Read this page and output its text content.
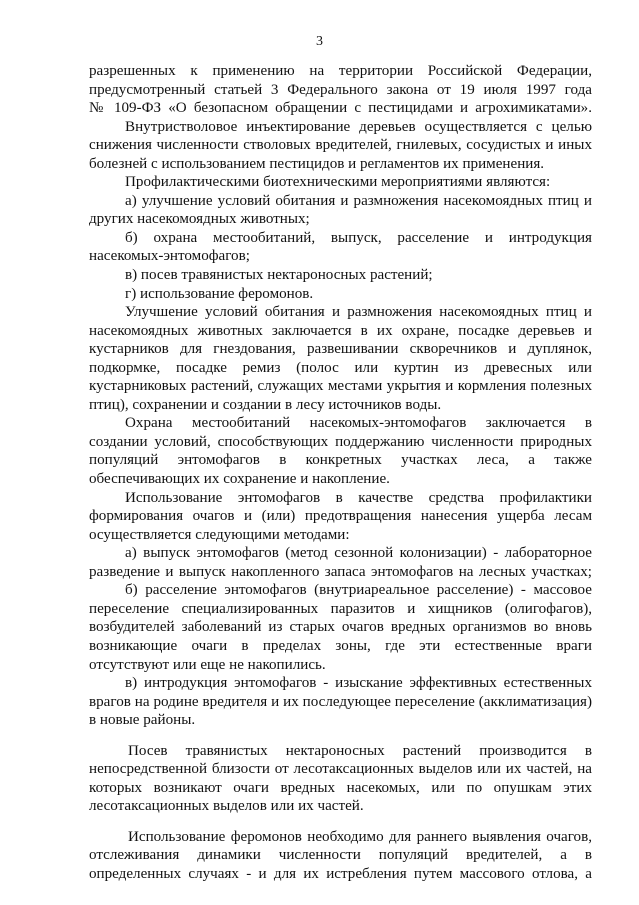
3
разрешенных к применению на территории Российской Федерации,
предусмотренный статьей 3 Федерального закона от 19 июля 1997 года
№ 109-ФЗ «О безопасном обращении с пестицидами и агрохимикатами».
Внутристволовое инъектирование деревьев осуществляется с целью
снижения численности стволовых вредителей, гнилевых, сосудистых и иных
болезней с использованием пестицидов и регламентов их применения.
Профилактическими биотехническими мероприятиями являются:
а) улучшение условий обитания и размножения насекомоядных птиц и
других насекомоядных животных;
б) охрана местообитаний, выпуск, расселение и интродукция
насекомых-энтомофагов;
в) посев травянистых нектароносных растений;
г) использование феромонов.
Улучшение условий обитания и размножения насекомоядных птиц и
насекомоядных животных заключается в их охране, посадке деревьев и
кустарников для гнездования, развешивании скворечников и дуплянок,
подкормке, посадке ремиз (полос или куртин из древесных или
кустарниковых растений, служащих местами укрытия и кормления полезных
птиц), сохранении и создании в лесу источников воды.
Охрана местообитаний насекомых-энтомофагов заключается в
создании условий, способствующих поддержанию численности природных
популяций энтомофагов в конкретных участках леса, а также
обеспечивающих их сохранение и накопление.
Использование энтомофагов в качестве средства профилактики
формирования очагов и (или) предотвращения нанесения ущерба лесам
осуществляется следующими методами:
а) выпуск энтомофагов (метод сезонной колонизации) - лабораторное
разведение и выпуск накопленного запаса энтомофагов на лесных участках;
б) расселение энтомофагов (внутриареальное расселение) - массовое
переселение специализированных паразитов и хищников (олигофагов),
возбудителей заболеваний из старых очагов вредных организмов во вновь
возникающие очаги в пределах зоны, где эти естественные враги
отсутствуют или еще не накопились.
в) интродукция энтомофагов - изыскание эффективных естественных
врагов на родине вредителя и их последующее переселение (акклиматизация)
в новые районы.
Посев травянистых нектароносных растений производится в
непосредственной близости от лесотаксационных выделов или их частей, на
которых возникают очаги вредных насекомых, или по опушкам этих
лесотаксационных выделов или их частей.
Использование феромонов необходимо для раннего выявления очагов,
отслеживания динамики численности популяций вредителей, а в
определенных случаях - и для их истребления путем массового отлова, а
